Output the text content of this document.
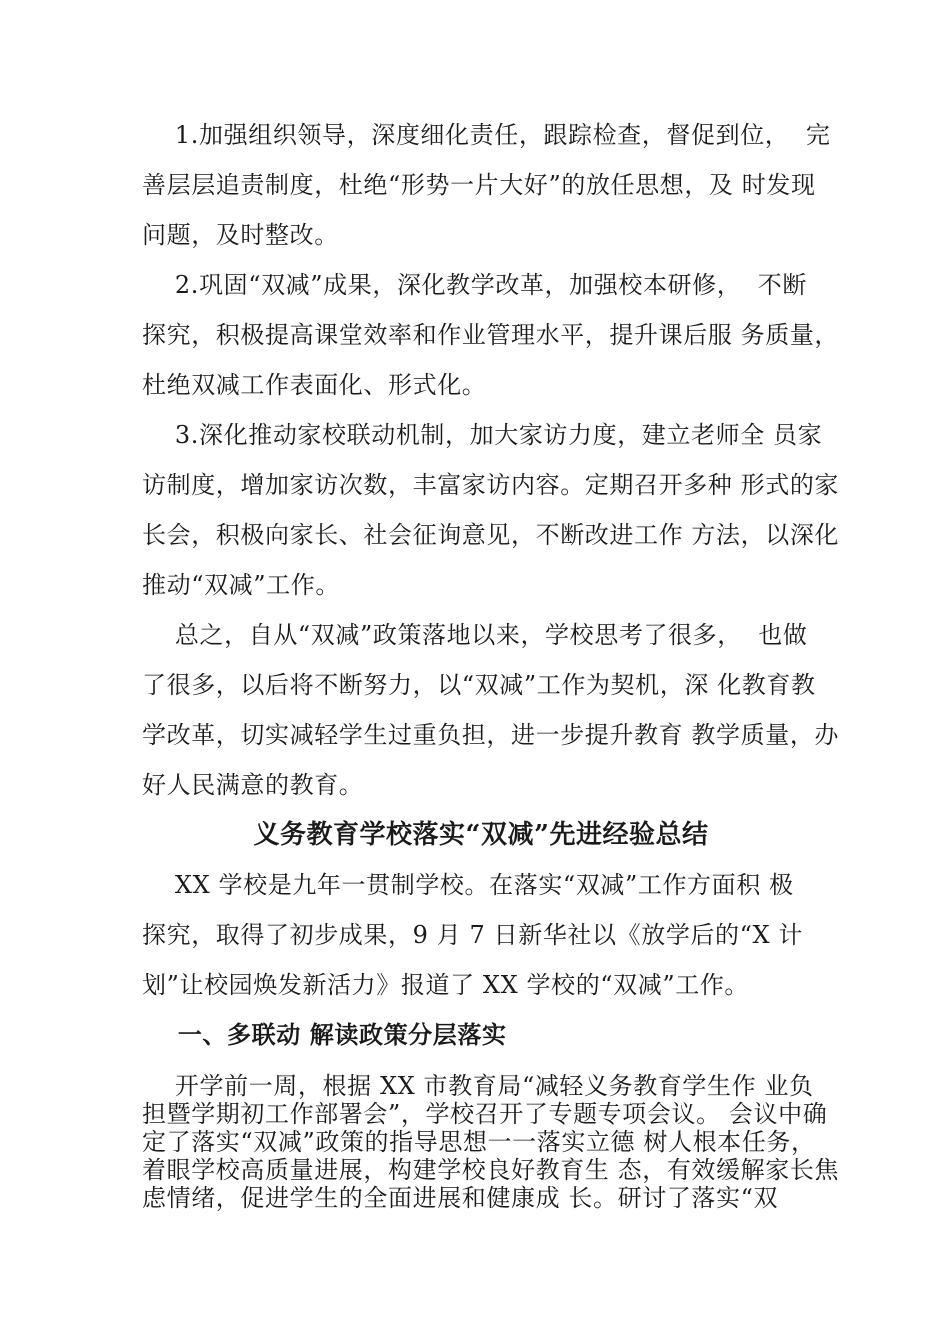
1.加强组织领导，深度细化责任，跟踪检查，督促到位，  完
善层层追责制度，杜绝“形势一片大好”的放任思想，及 时发现
问题，及时整改。

2.巩固“双减”成果，深化教学改革，加强校本研修，  不断
探究，积极提高课堂效率和作业管理水平，提升课后服 务质量，
杜绝双减工作表面化、形式化。

3.深化推动家校联动机制，加大家访力度，建立老师全 员家
访制度，增加家访次数，丰富家访内容。定期召开多种 形式的家
长会，积极向家长、社会征询意见，不断改进工作 方法，以深化
推动“双减”工作。

总之，自从“双减”政策落地以来，学校思考了很多，  也做
了很多，以后将不断努力，以“双减”工作为契机，深 化教育教
学改革，切实减轻学生过重负担，进一步提升教育 教学质量，办
好人民满意的教育。

义务教育学校落实“双减”先进经验总结

XX 学校是九年一贯制学校。在落实“双减”工作方面积 极
探究，取得了初步成果，9 月 7 日新华社以《放学后的“X 计
划”让校园焕发新活力》报道了 XX 学校的“双减”工作。

一、多联动 解读政策分层落实

开学前一周，根据 XX 市教育局“减轻义务教育学生作 业负
担暨学期初工作部署会”，学校召开了专题专项会议。 会议中确
定了落实“双减”政策的指导思想一一落实立德 树人根本任务，
着眼学校高质量进展，构建学校良好教育生 态，有效缓解家长焦
虑情绪，促进学生的全面进展和健康成 长。研讨了落实“双
